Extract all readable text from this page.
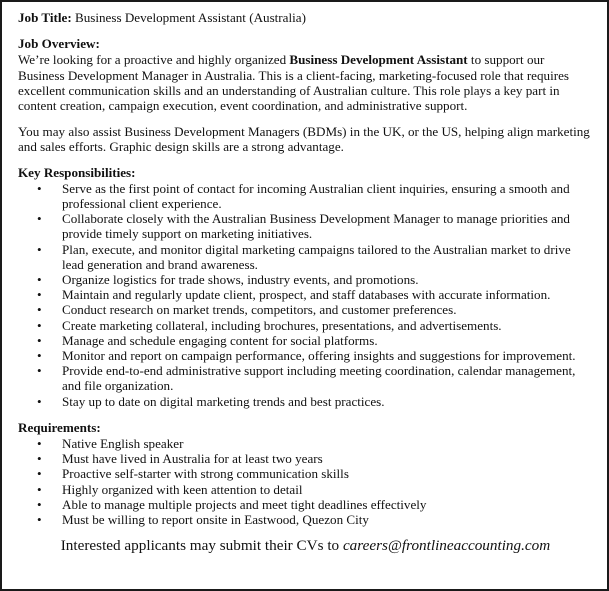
Job Title: Business Development Assistant (Australia)

Job Overview:

We’re looking for a proactive and highly organized Business Development Assistant to support our Business Development Manager in Australia. This is a client-facing, marketing-focused role that requires excellent communication skills and an understanding of Australian culture. This role plays a key part in content creation, campaign execution, event coordination, and administrative support.

You may also assist Business Development Managers (BDMs) in the UK, or the US, helping align marketing and sales efforts. Graphic design skills are a strong advantage.

Key Responsibilities:

• Serve as the first point of contact for incoming Australian client inquiries, ensuring a smooth and professional client experience.
• Collaborate closely with the Australian Business Development Manager to manage priorities and provide timely support on marketing initiatives.
• Plan, execute, and monitor digital marketing campaigns tailored to the Australian market to drive lead generation and brand awareness.
• Organize logistics for trade shows, industry events, and promotions.
• Maintain and regularly update client, prospect, and staff databases with accurate information.
• Conduct research on market trends, competitors, and customer preferences.
• Create marketing collateral, including brochures, presentations, and advertisements.
• Manage and schedule engaging content for social platforms.
• Monitor and report on campaign performance, offering insights and suggestions for improvement.
• Provide end-to-end administrative support including meeting coordination, calendar management, and file organization.
• Stay up to date on digital marketing trends and best practices.

Requirements:

• Native English speaker
• Must have lived in Australia for at least two years
• Proactive self-starter with strong communication skills
• Highly organized with keen attention to detail
• Able to manage multiple projects and meet tight deadlines effectively
• Must be willing to report onsite in Eastwood, Quezon City

Interested applicants may submit their CVs to careers@frontlineaccounting.com
